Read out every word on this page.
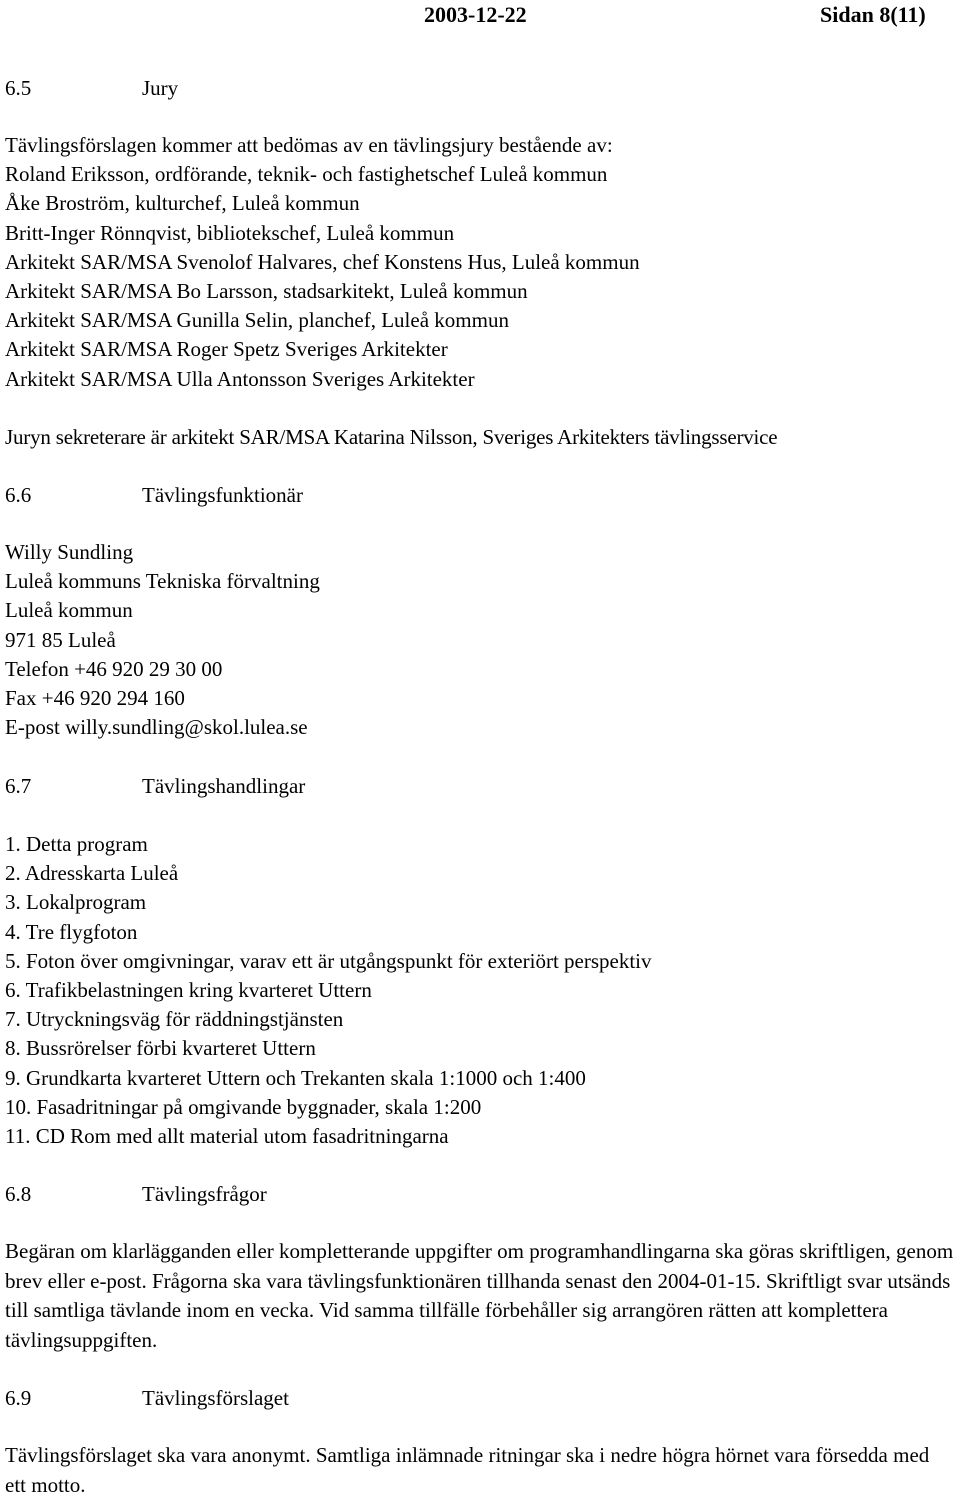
2003-12-22	Sidan 8(11)
6.5	Jury
Tävlingsförslagen kommer att bedömas av en tävlingsjury bestående av:
Roland Eriksson, ordförande, teknik- och fastighetschef Luleå kommun
Åke Broström, kulturchef, Luleå kommun
Britt-Inger Rönnqvist, bibliotekschef, Luleå kommun
Arkitekt SAR/MSA Svenolof Halvares, chef Konstens Hus, Luleå kommun
Arkitekt SAR/MSA Bo Larsson, stadsarkitekt, Luleå kommun
Arkitekt SAR/MSA Gunilla Selin, planchef, Luleå kommun
Arkitekt SAR/MSA Roger Spetz Sveriges Arkitekter
Arkitekt SAR/MSA Ulla Antonsson Sveriges Arkitekter
Juryn sekreterare är arkitekt SAR/MSA Katarina Nilsson, Sveriges Arkitekters tävlingsservice
6.6	Tävlingsfunktionär
Willy Sundling
Luleå kommuns Tekniska förvaltning
Luleå kommun
971 85 Luleå
Telefon +46 920 29 30 00
Fax +46 920 294 160
E-post willy.sundling@skol.lulea.se
6.7	Tävlingshandlingar
1. Detta program
2. Adresskarta Luleå
3. Lokalprogram
4. Tre flygfoton
5. Foton över omgivningar, varav ett är utgångspunkt för exteriört perspektiv
6. Trafikbelastningen kring kvarteret Uttern
7. Utryckningsväg för räddningstjänsten
8. Bussrörelser förbi kvarteret Uttern
9. Grundkarta kvarteret Uttern och Trekanten skala 1:1000 och 1:400
10. Fasadritningar på omgivande byggnader, skala 1:200
11. CD Rom med allt material utom fasadritningarna
6.8	Tävlingsfrågor
Begäran om klarlägganden eller kompletterande uppgifter om programhandlingarna ska göras skriftligen, genom brev eller e-post. Frågorna ska vara tävlingsfunktionären tillhanda senast den 2004-01-15. Skriftligt svar utsänds till samtliga tävlande inom en vecka. Vid samma tillfälle förbehåller sig arrangören rätten att komplettera tävlingsuppgiften.
6.9	Tävlingsförslaget
Tävlingsförslaget ska vara anonymt. Samtliga inlämnade ritningar ska i nedre högra hörnet vara försedda med ett motto.
